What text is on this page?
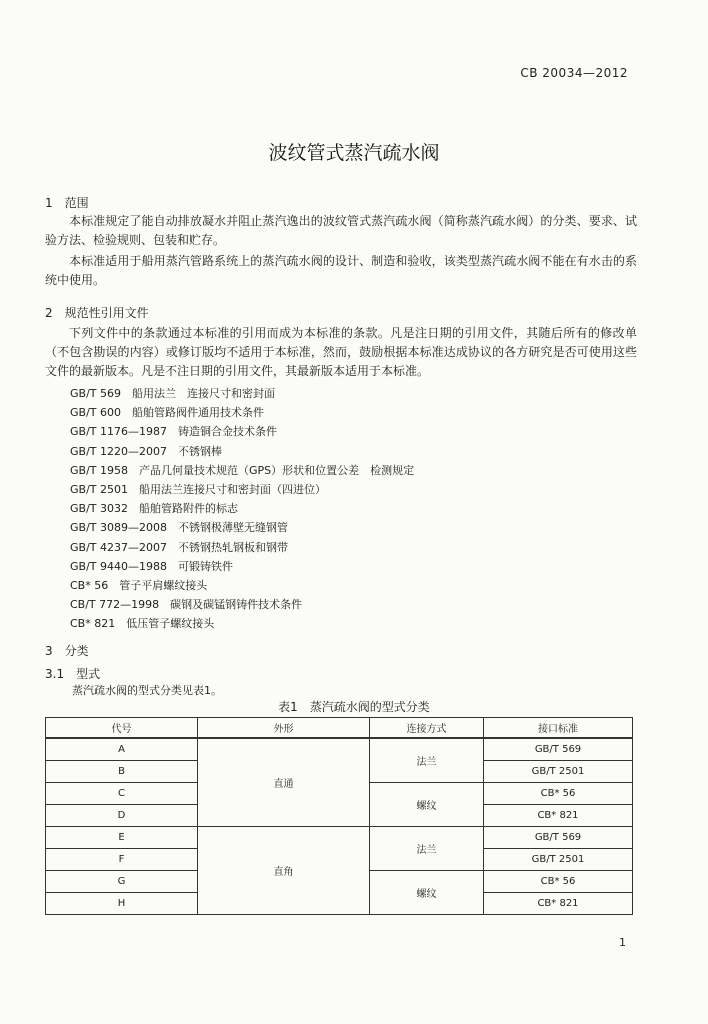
CB 20034—2012
波纹管式蒸汽疏水阀
1　范围

本标准规定了能自动排放凝水并阻止蒸汽逸出的波纹管式蒸汽疏水阀（简称蒸汽疏水阀）的分类、要求、试验方法、检验规则、包装和贮存。

本标准适用于船用蒸汽管路系统上的蒸汽疏水阀的设计、制造和验收，该类型蒸汽疏水阀不能在有水击的系统中使用。

2　规范性引用文件

下列文件中的条款通过本标准的引用而成为本标准的条款。凡是注日期的引用文件，其随后所有的修改单（不包含勘误的内容）或修订版均不适用于本标准，然而，鼓励根据本标准达成协议的各方研究是否可使用这些文件的最新版本。凡是不注日期的引用文件，其最新版本适用于本标准。

GB/T 569　船用法兰　连接尺寸和密封面
GB/T 600　船舶管路阀件通用技术条件
GB/T 1176—1987　铸造铜合金技术条件
GB/T 1220—2007　不锈钢棒
GB/T 1958　产品几何量技术规范（GPS）形状和位置公差　检测规定
GB/T 2501　船用法兰连接尺寸和密封面（四进位）
GB/T 3032　船舶管路附件的标志
GB/T 3089—2008　不锈钢极薄壁无缝钢管
GB/T 4237—2007　不锈钢热轧钢板和钢带
GB/T 9440—1988　可锻铸铁件
CB* 56　管子平肩螺纹接头
CB/T 772—1998　碳钢及碳锰钢铸件技术条件
CB* 821　低压管子螺纹接头
3　分类
3.1　型式
蒸汽疏水阀的型式分类见表1。
表1　蒸汽疏水阀的型式分类
代号	外形	连接方式	接口标准
A	直通	法兰	GB/T 569
B			GB/T 2501
C		螺纹	CB* 56
D			CB* 821
E	直角	法兰	GB/T 569
F			GB/T 2501
G		螺纹	CB* 56
H			CB* 821
1
